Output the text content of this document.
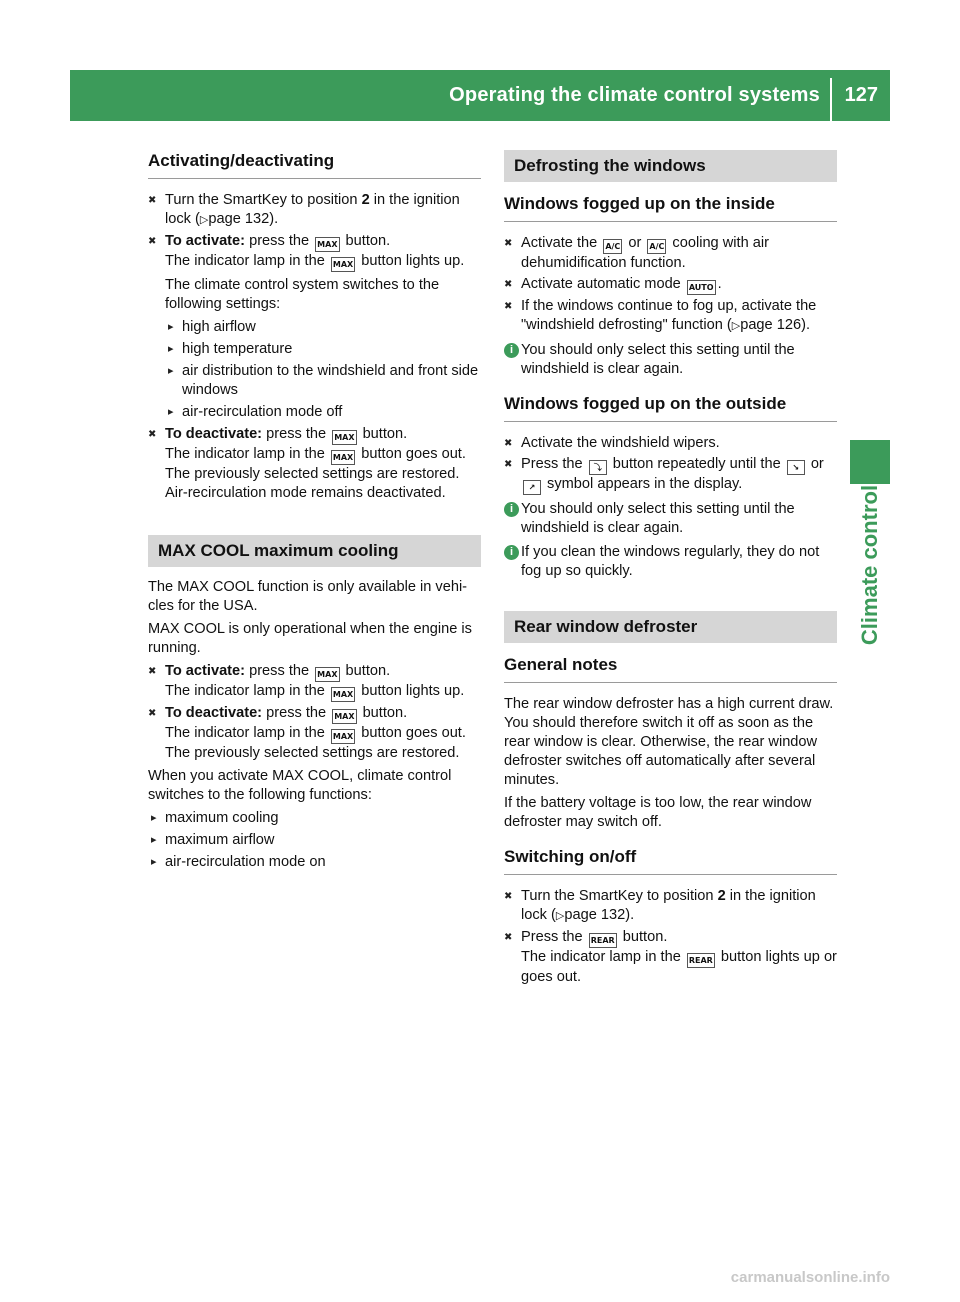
Operating the climate control systems 127
Climate control
Activating/deactivating
✖ Turn the SmartKey to position 2 in the ignition lock (▷page 132).
✖ To activate: press the MAX button.
The indicator lamp in the MAX button lights up.
The climate control system switches to the following settings:
▸ high airflow
▸ high temperature
▸ air distribution to the windshield and front side windows
▸ air-recirculation mode off
✖ To deactivate: press the MAX button.
The indicator lamp in the MAX button goes out. The previously selected settings are restored. Air-recirculation mode remains deactivated.
MAX COOL maximum cooling
The MAX COOL function is only available in vehi-cles for the USA.
MAX COOL is only operational when the engine is running.
✖ To activate: press the MAX button.
The indicator lamp in the MAX button lights up.
✖ To deactivate: press the MAX button.
The indicator lamp in the MAX button goes out. The previously selected settings are restored.
When you activate MAX COOL, climate control switches to the following functions:
▸ maximum cooling
▸ maximum airflow
▸ air-recirculation mode on
Defrosting the windows
Windows fogged up on the inside
✖ Activate the A/C or A/C cooling with air dehumidification function.
✖ Activate automatic mode AUTO .
✖ If the windows continue to fog up, activate the "windshield defrosting" function (▷page 126).
i You should only select this setting until the windshield is clear again.
Windows fogged up on the outside
✖ Activate the windshield wipers.
✖ Press the ⤵ button repeatedly until the ↘ or ↗ symbol appears in the display.
i You should only select this setting until the windshield is clear again.
i If you clean the windows regularly, they do not fog up so quickly.
Rear window defroster
General notes
The rear window defroster has a high current draw. You should therefore switch it off as soon as the rear window is clear. Otherwise, the rear window defroster switches off automatically after several minutes.
If the battery voltage is too low, the rear window defroster may switch off.
Switching on/off
✖ Turn the SmartKey to position 2 in the ignition lock (▷page 132).
✖ Press the REAR button.
The indicator lamp in the REAR button lights up or goes out.
carmanualsonline.info
